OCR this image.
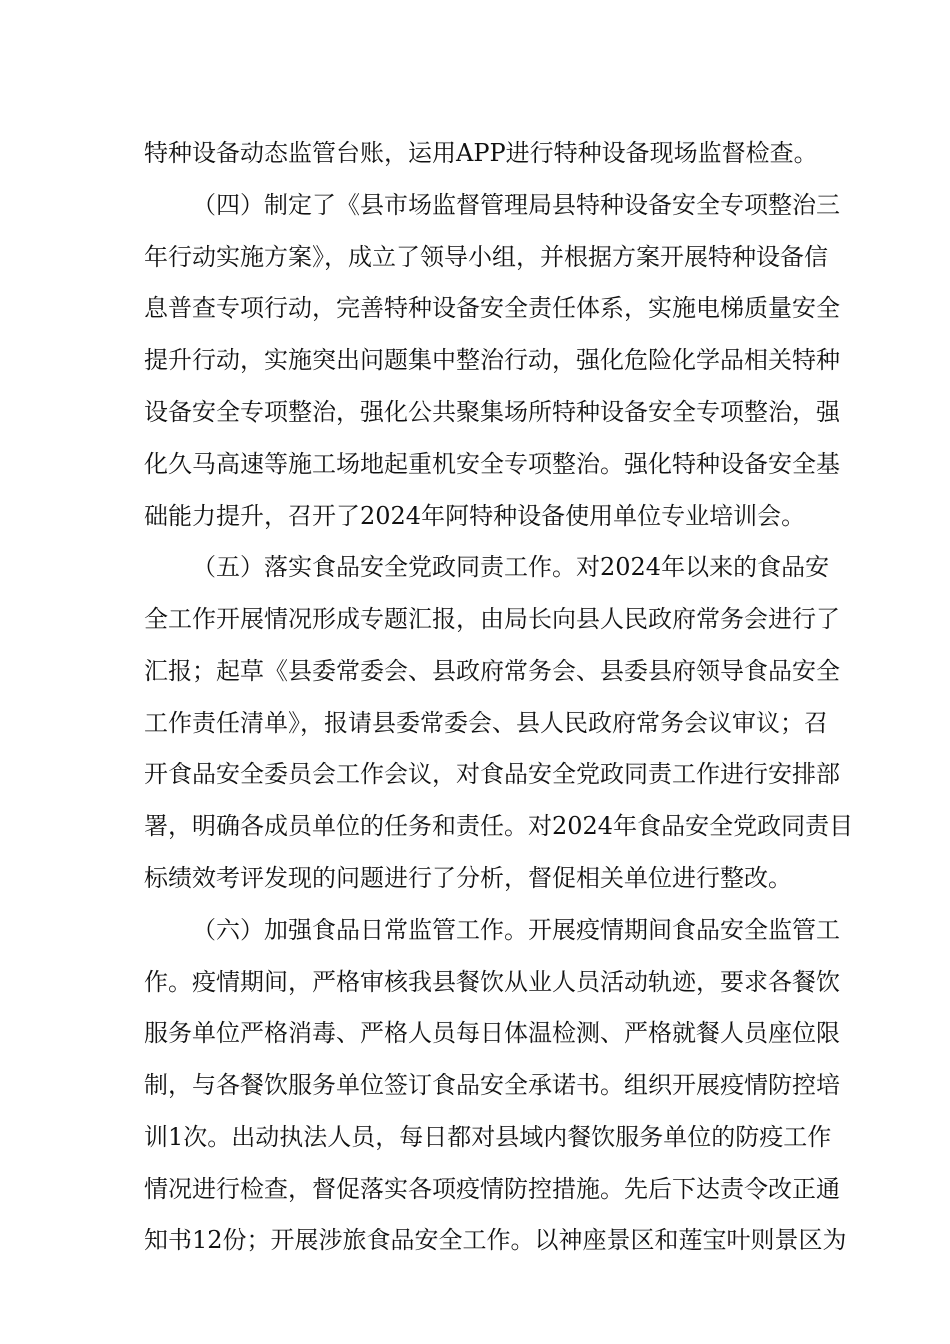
特种设备动态监管台账，运用APP进行特种设备现场监督检查。
（四）制定了《县市场监督管理局县特种设备安全专项整治三
年行动实施方案》，成立了领导小组，并根据方案开展特种设备信
息普查专项行动，完善特种设备安全责任体系，实施电梯质量安全
提升行动，实施突出问题集中整治行动，强化危险化学品相关特种
设备安全专项整治，强化公共聚集场所特种设备安全专项整治，强
化久马高速等施工场地起重机安全专项整治。强化特种设备安全基
础能力提升，召开了2024年阿特种设备使用单位专业培训会。
（五）落实食品安全党政同责工作。对2024年以来的食品安
全工作开展情况形成专题汇报，由局长向县人民政府常务会进行了
汇报；起草《县委常委会、县政府常务会、县委县府领导食品安全
工作责任清单》，报请县委常委会、县人民政府常务会议审议；召
开食品安全委员会工作会议，对食品安全党政同责工作进行安排部
署，明确各成员单位的任务和责任。对2024年食品安全党政同责目
标绩效考评发现的问题进行了分析，督促相关单位进行整改。
（六）加强食品日常监管工作。开展疫情期间食品安全监管工
作。疫情期间，严格审核我县餐饮从业人员活动轨迹，要求各餐饮
服务单位严格消毒、严格人员每日体温检测、严格就餐人员座位限
制，与各餐饮服务单位签订食品安全承诺书。组织开展疫情防控培
训1次。出动执法人员，每日都对县域内餐饮服务单位的防疫工作
情况进行检查，督促落实各项疫情防控措施。先后下达责令改正通
知书12份；开展涉旅食品安全工作。以神座景区和莲宝叶则景区为
